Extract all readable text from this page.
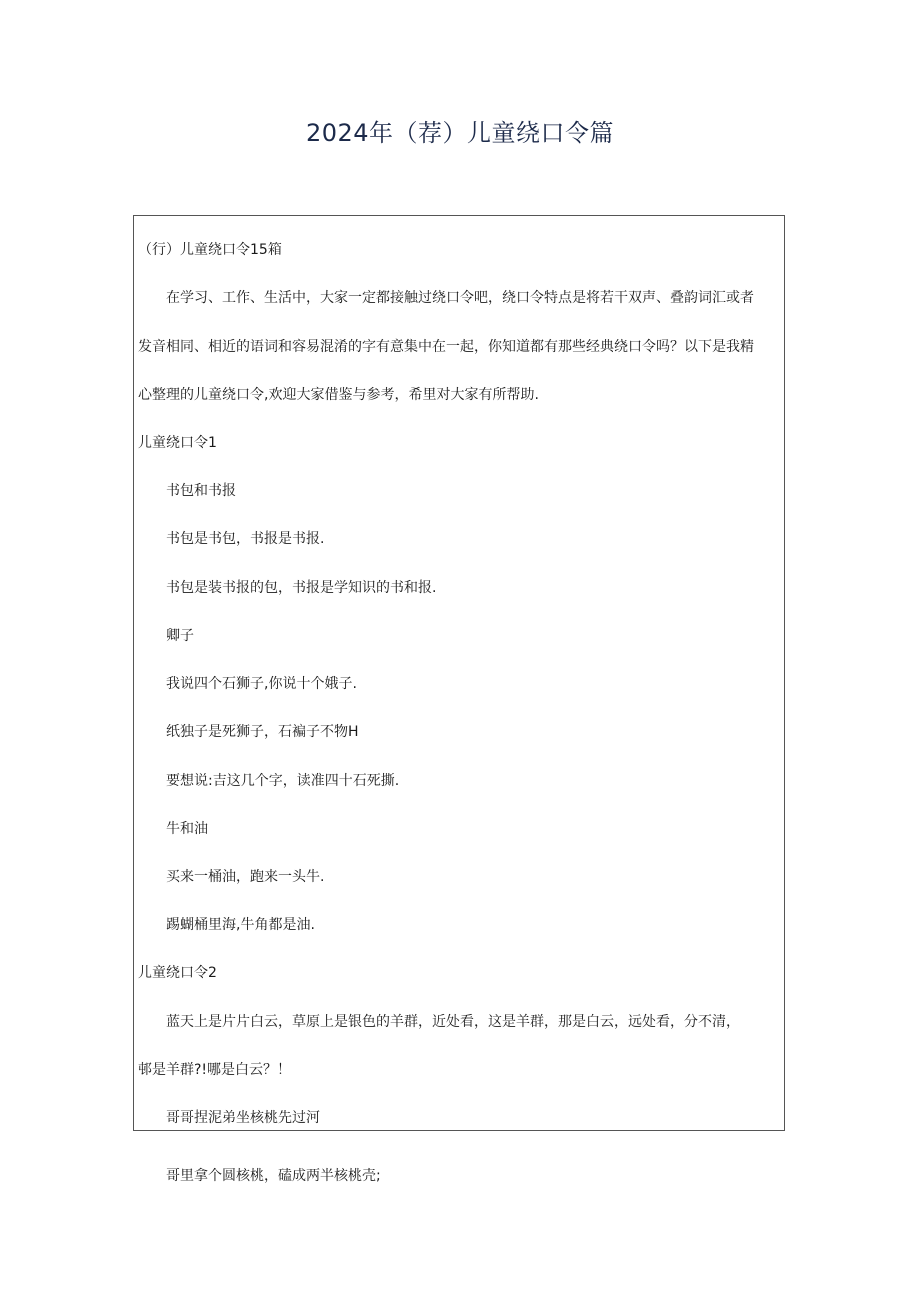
2024年（荐）儿童绕口令篇
（行）儿童绕口令15箱
在学习、工作、生活中，大家一定都接触过绕口令吧，绕口令特点是将若干双声、叠韵词汇或者
发音相同、相近的语词和容易混淆的字有意集中在一起，你知道都有那些经典绕口令吗？以下是我精
心整理的儿童绕口令,欢迎大家借鉴与参考，希里对大家有所帮助.
儿童绕口令1
书包和书报
书包是书包，书报是书报.
书包是装书报的包，书报是学知识的书和报.
卿子
我说四个石狮子,你说十个娥子.
纸独子是死狮子，石褊子不物H
要想说:吉这几个字，读准四十石死撕.
牛和油
买来一桶油，跑来一头牛.
踢蝴桶里海,牛角都是油.
儿童绕口令2
蓝天上是片片白云，草原上是银色的羊群，近处看，这是羊群，那是白云，远处看，分不清，
邨是羊群?!哪是白云？！
哥哥捏泥弟坐核桃先过河
哥里拿个圆核桃，磕成两半核桃壳;
